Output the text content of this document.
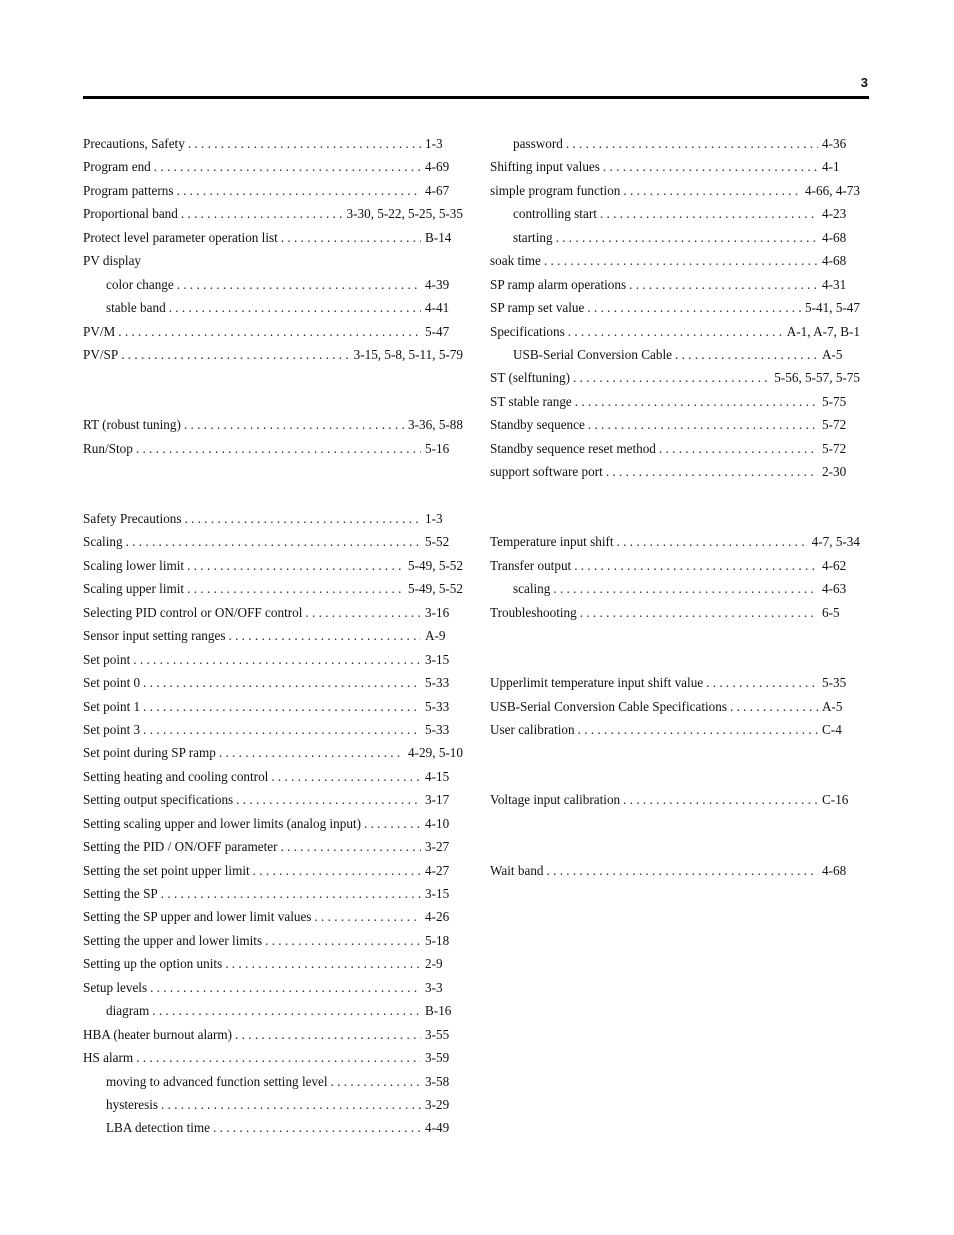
3
Precautions, Safety . . .	1-3
Program end . . .	4-69
Program patterns . . .	4-67
Proportional band . . .	3-30, 5-22, 5-25, 5-35
Protect level parameter operation list . . .	B-14
PV display
color change . . .	4-39
stable band . . .	4-41
PV/M . . .	5-47
PV/SP . . .	3-15, 5-8, 5-11, 5-79
RT (robust tuning) . . .	3-36, 5-88
Run/Stop . . .	5-16
Safety Precautions . . .	1-3
Scaling . . .	5-52
Scaling lower limit . . .	5-49, 5-52
Scaling upper limit . . .	5-49, 5-52
Selecting PID control or ON/OFF control . . .	3-16
Sensor input setting ranges . . .	A-9
Set point . . .	3-15
Set point 0 . . .	5-33
Set point 1 . . .	5-33
Set point 3 . . .	5-33
Set point during SP ramp . . .	4-29, 5-10
Setting heating and cooling control . . .	4-15
Setting output specifications . . .	3-17
Setting scaling upper and lower limits (analog input) . . .	4-10
Setting the PID / ON/OFF parameter . . .	3-27
Setting the set point upper limit . . .	4-27
Setting the SP . . .	3-15
Setting the SP upper and lower limit values . . .	4-26
Setting the upper and lower limits . . .	5-18
Setting up the option units . . .	2-9
Setup levels . . .	3-3
diagram . . .	B-16
HBA (heater burnout alarm) . . .	3-55
HS alarm . . .	3-59
moving to advanced function setting level . . .	3-58
hysteresis . . .	3-29
LBA detection time . . .	4-49
password . . .	4-36
Shifting input values . . .	4-1
simple program function . . .	4-66, 4-73
controlling start . . .	4-23
starting . . .	4-68
soak time . . .	4-68
SP ramp alarm operations . . .	4-31
SP ramp set value . . .	5-41, 5-47
Specifications . . .	A-1, A-7, B-1
USB-Serial Conversion Cable . . .	A-5
ST (selftuning) . . .	5-56, 5-57, 5-75
ST stable range . . .	5-75
Standby sequence . . .	5-72
Standby sequence reset method . . .	5-72
support software port . . .	2-30
Temperature input shift . . .	4-7, 5-34
Transfer output . . .	4-62
scaling . . .	4-63
Troubleshooting . . .	6-5
Upperlimit temperature input shift value . . .	5-35
USB-Serial Conversion Cable Specifications . . .	A-5
User calibration . . .	C-4
Voltage input calibration . . .	C-16
Wait band . . .	4-68
